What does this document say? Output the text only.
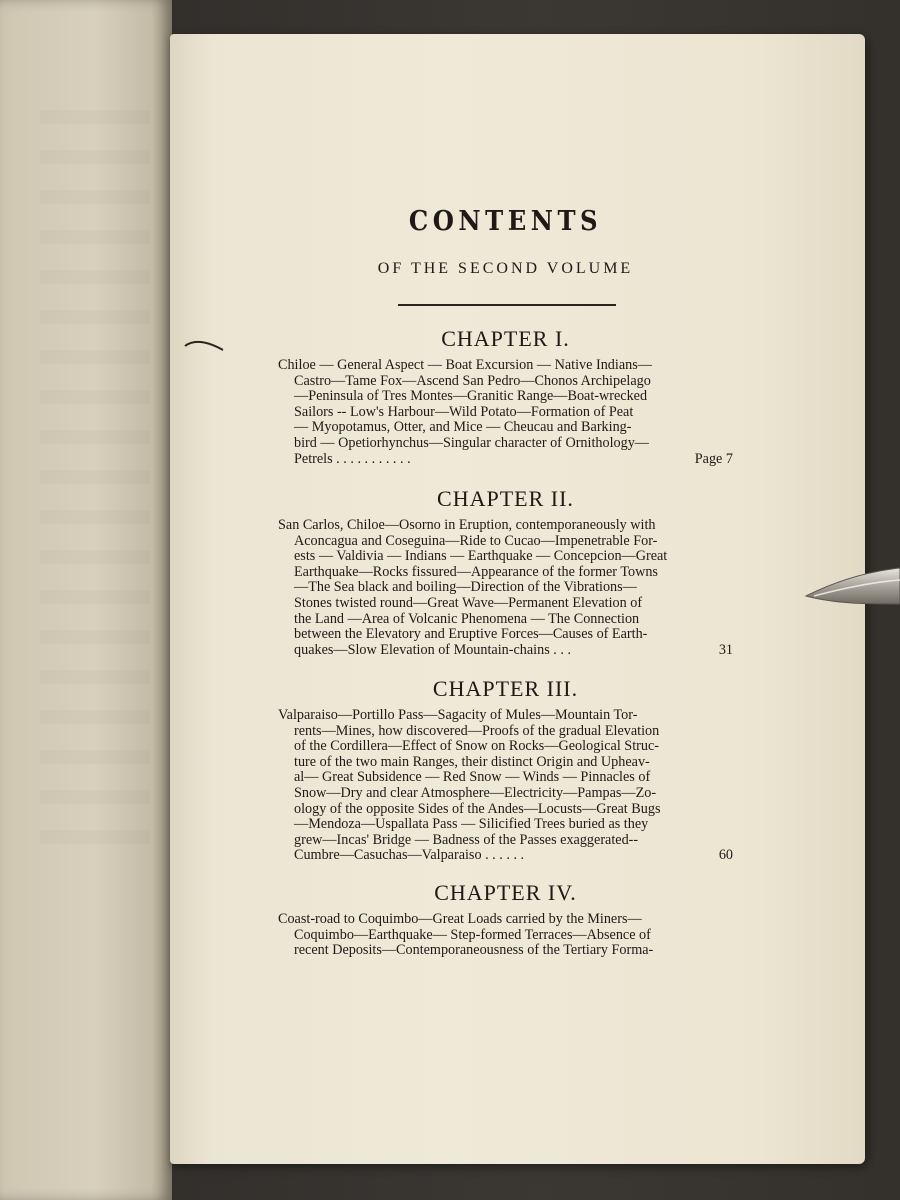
CONTENTS
OF THE SECOND VOLUME
CHAPTER I.
Chiloe — General Aspect — Boat Excursion — Native Indians—
Castro—Tame Fox—Ascend San Pedro—Chonos Archipelago
—Peninsula of Tres Montes—Granitic Range—Boat-wrecked
Sailors -- Low's Harbour—Wild Potato—Formation of Peat
— Myopotamus, Otter, and Mice — Cheucau and Barking-
bird — Opetiorhynchus—Singular character of Ornithology—
Petrels . . . . . . . . . . .	Page 7
CHAPTER II.
San Carlos, Chiloe—Osorno in Eruption, contemporaneously with
Aconcagua and Coseguina—Ride to Cucao—Impenetrable For-
ests — Valdivia — Indians — Earthquake — Concepcion—Great
Earthquake—Rocks fissured—Appearance of the former Towns
—The Sea black and boiling—Direction of the Vibrations—
Stones twisted round—Great Wave—Permanent Elevation of
the Land —Area of Volcanic Phenomena — The Connection
between the Elevatory and Eruptive Forces—Causes of Earth-
quakes—Slow Elevation of Mountain-chains . . .	31
CHAPTER III.
Valparaiso—Portillo Pass—Sagacity of Mules—Mountain Tor-
rents—Mines, how discovered—Proofs of the gradual Elevation
of the Cordillera—Effect of Snow on Rocks—Geological Struc-
ture of the two main Ranges, their distinct Origin and Upheav-
al— Great Subsidence — Red Snow — Winds — Pinnacles of
Snow—Dry and clear Atmosphere—Electricity—Pampas—Zo-
ology of the opposite Sides of the Andes—Locusts—Great Bugs
—Mendoza—Uspallata Pass — Silicified Trees buried as they
grew—Incas' Bridge — Badness of the Passes exaggerated--
Cumbre—Casuchas—Valparaiso . . . . . .	60
CHAPTER IV.
Coast-road to Coquimbo—Great Loads carried by the Miners—
Coquimbo—Earthquake— Step-formed Terraces—Absence of
recent Deposits—Contemporaneousness of the Tertiary Forma-
